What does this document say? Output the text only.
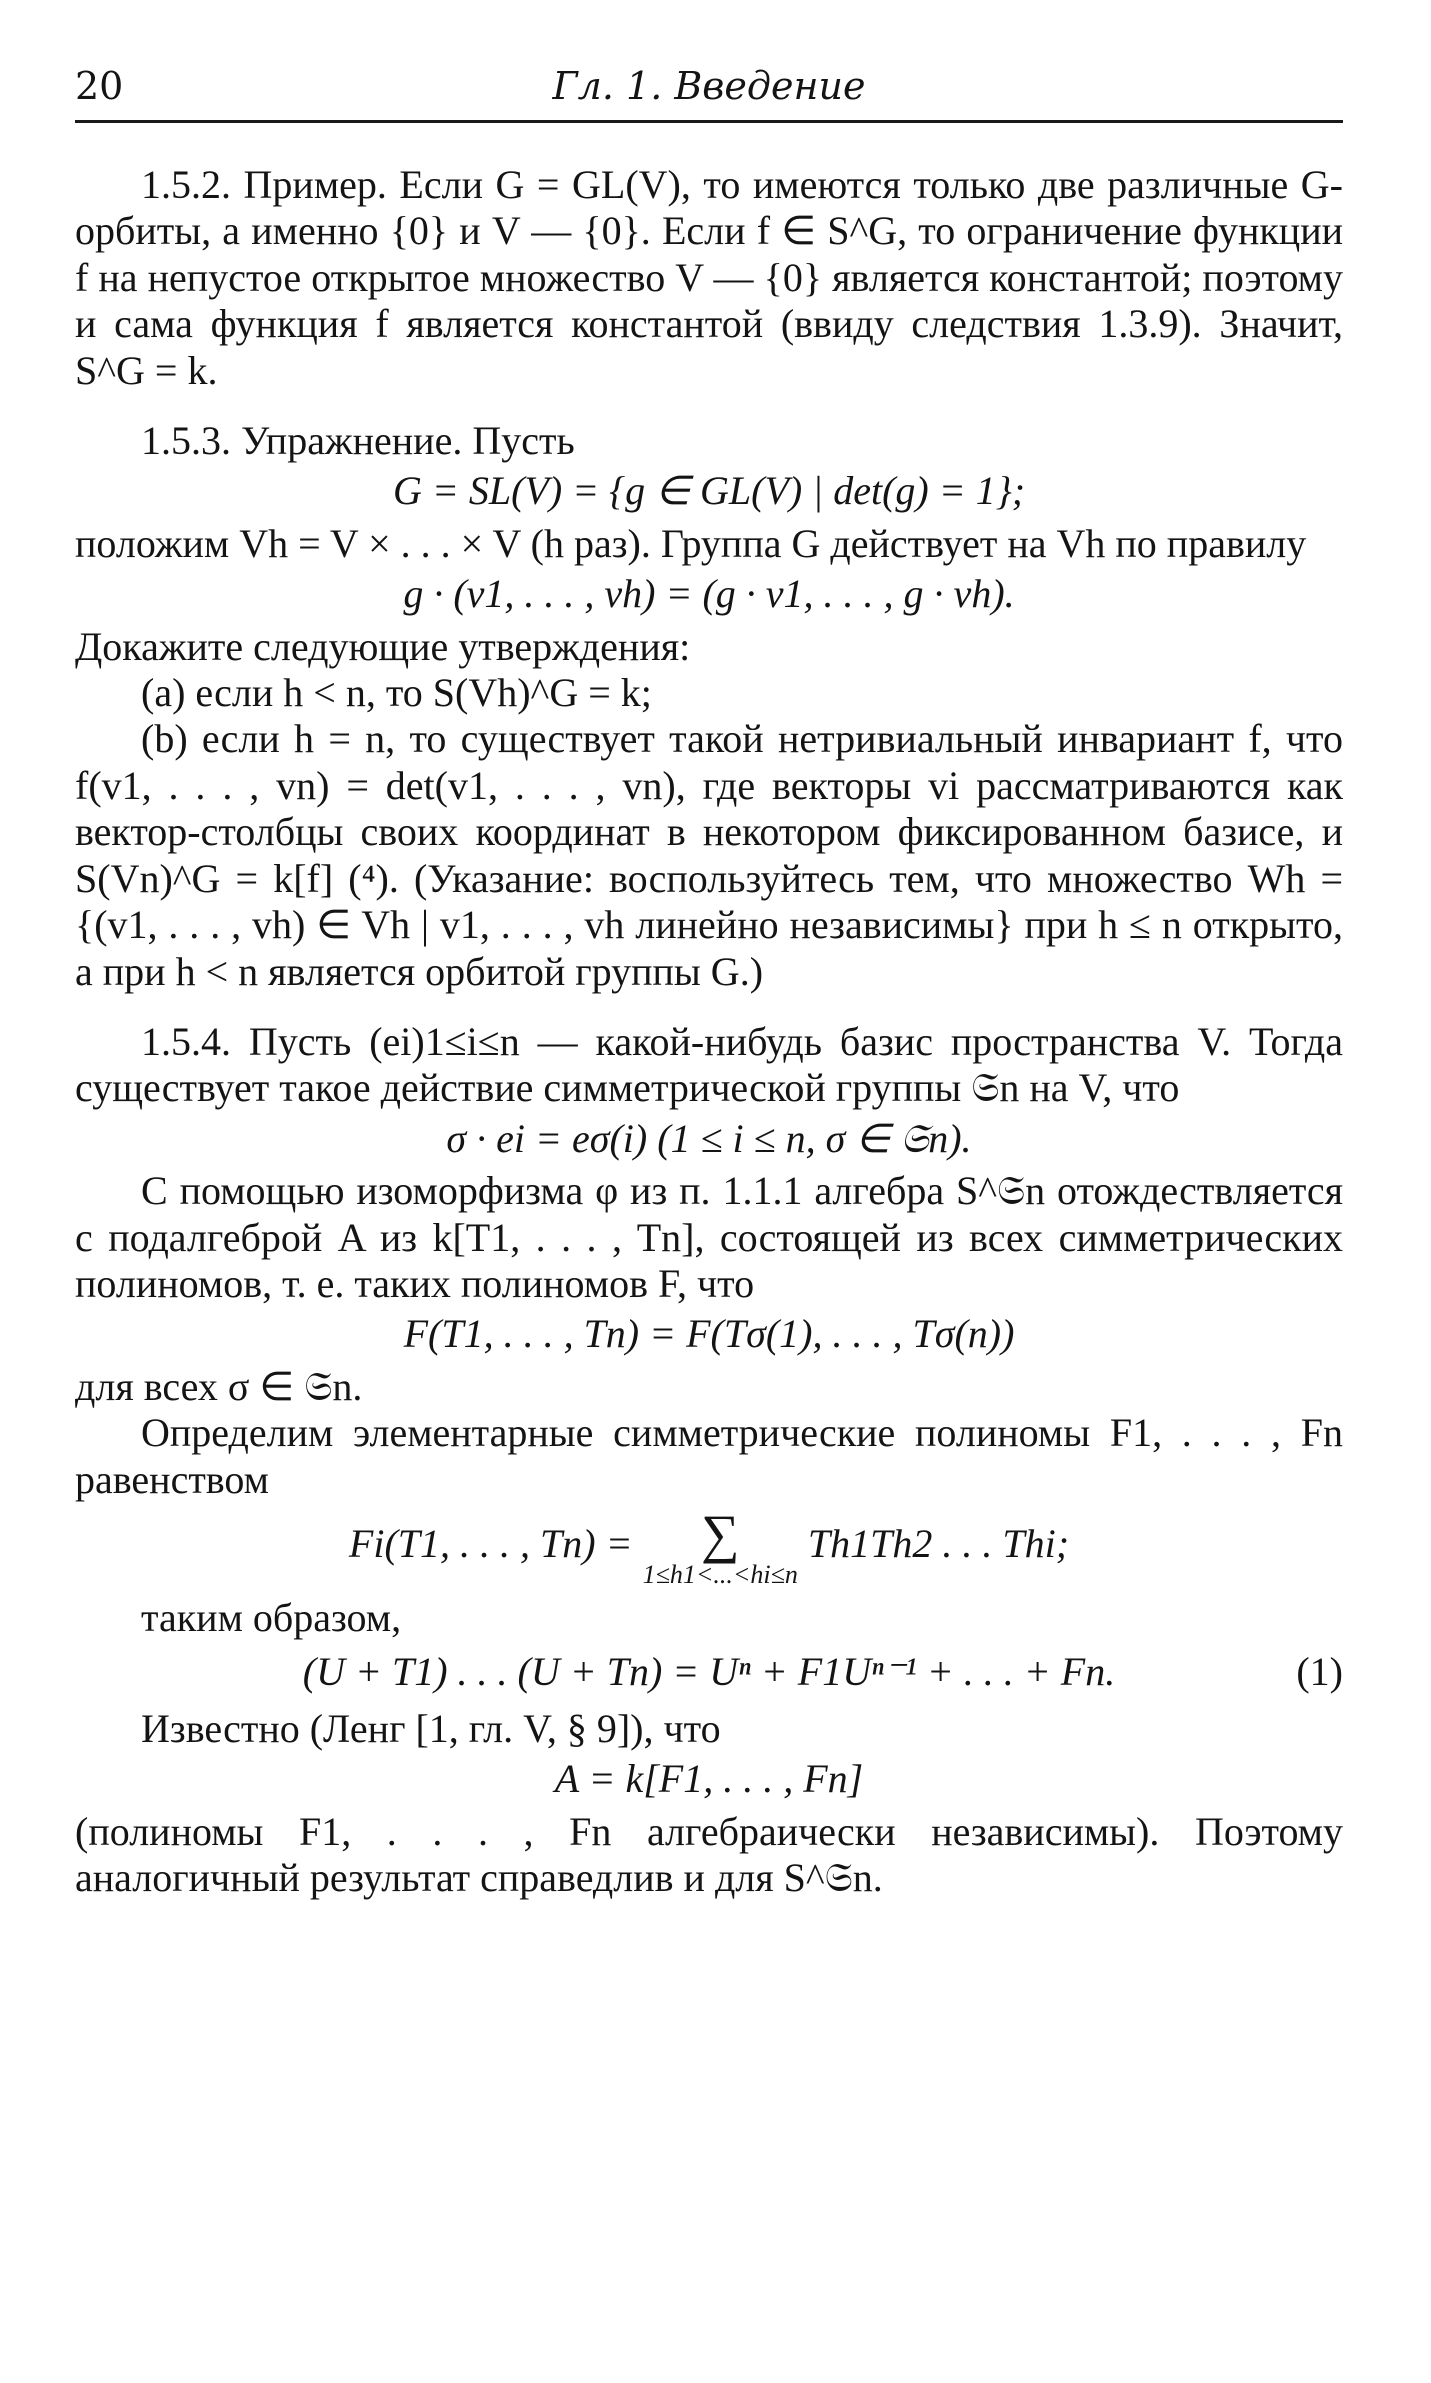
20	Гл. 1. Введение

1.5.2. Пример. Если G = GL(V), то имеются только две различные G-орбиты, а именно {0} и V — {0}. Если f ∈ S^G, то ограничение функции f на непустое открытое множество V — {0} является константой; поэтому и сама функция f является константой (ввиду следствия 1.3.9). Значит, S^G = k.

1.5.3. Упражнение. Пусть

G = SL(V) = {g ∈ GL(V) | det(g) = 1};

положим Vh = V × . . . × V (h раз). Группа G действует на Vh по правилу

g · (v1, . . . , vh) = (g · v1, . . . , g · vh).

Докажите следующие утверждения:

(a) если h < n, то S(Vh)^G = k;

(b) если h = n, то существует такой нетривиальный инвариант f, что f(v1, . . . , vn) = det(v1, . . . , vn), где векторы vi рассматриваются как вектор-столбцы своих координат в некотором фиксированном базисе, и S(Vn)^G = k[f] (⁴). (Указание: воспользуйтесь тем, что множество Wh = {(v1, . . . , vh) ∈ Vh | v1, . . . , vh линейно независимы} при h ≤ n открыто, а при h < n является орбитой группы G.)

1.5.4. Пусть (ei)1≤i≤n — какой-нибудь базис пространства V. Тогда существует такое действие симметрической группы 𝔖n на V, что

σ · ei = eσ(i) (1 ≤ i ≤ n, σ ∈ 𝔖n).

С помощью изоморфизма φ из п. 1.1.1 алгебра S^𝔖n отождествляется с подалгеброй A из k[T1, . . . , Tn], состоящей из всех симметрических полиномов, т. е. таких полиномов F, что

F(T1, . . . , Tn) = F(Tσ(1), . . . , Tσ(n))

для всех σ ∈ 𝔖n.

Определим элементарные симметрические полиномы F1, . . . , Fn равенством

Fi(T1, . . . , Tn) =	∑
1≤h1<...<hi≤n
Th1Th2 . . . Thi;

таким образом,

(U + T1) . . . (U + Tn) = Uⁿ + F1Uⁿ⁻¹ + . . . + Fn.	(1)

Известно (Ленг [1, гл. V, § 9]), что

A = k[F1, . . . , Fn]

(полиномы F1, . . . , Fn алгебраически независимы). Поэтому аналогичный результат справедлив и для S^𝔖n.
